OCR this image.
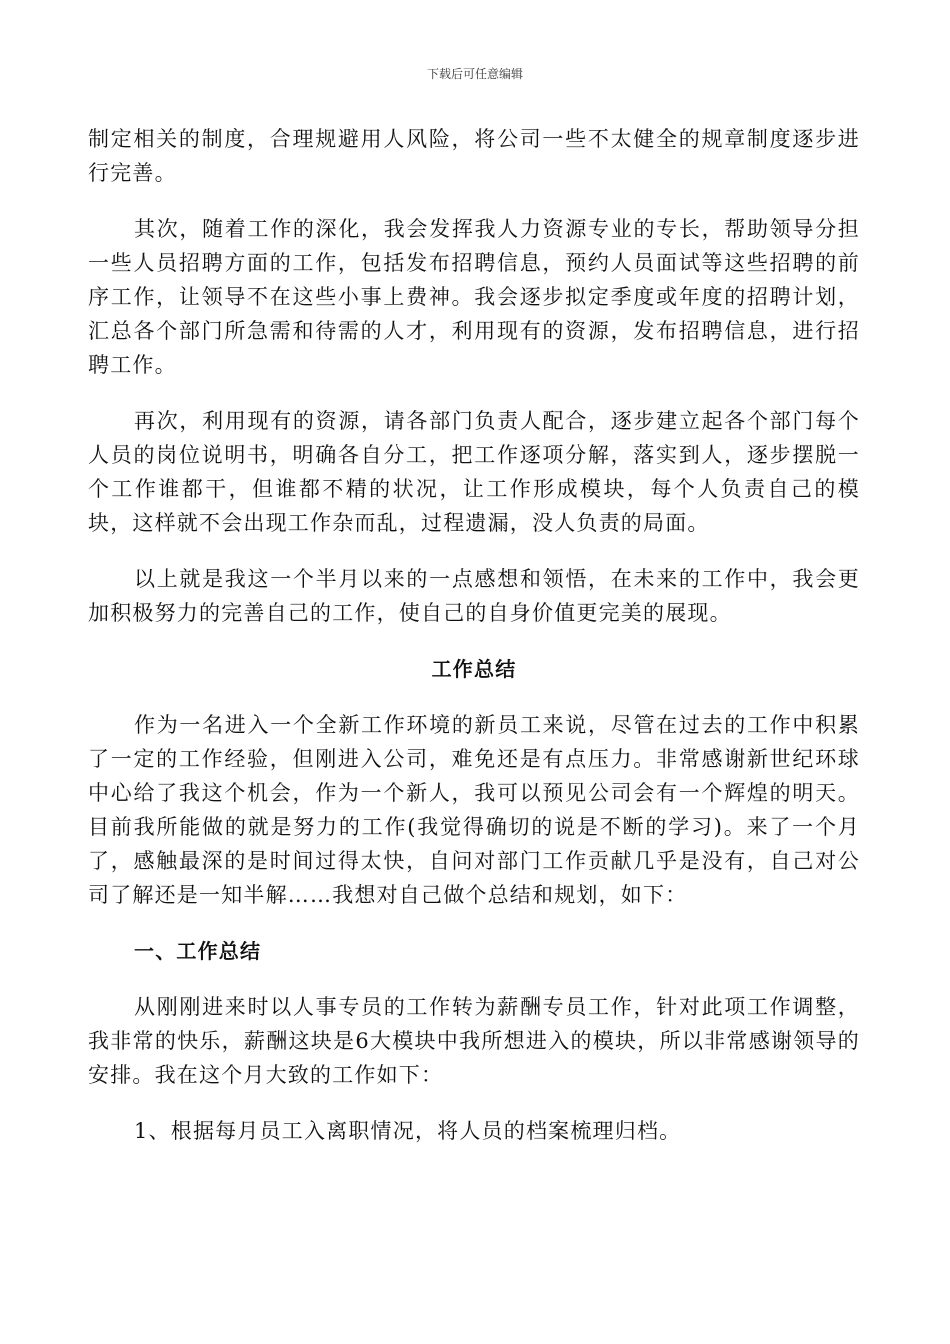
下载后可任意编辑

制定相关的制度，合理规避用人风险，将公司一些不太健全的规章制度逐步进行完善。

其次，随着工作的深化，我会发挥我人力资源专业的专长，帮助领导分担一些人员招聘方面的工作，包括发布招聘信息，预约人员面试等这些招聘的前序工作，让领导不在这些小事上费神。我会逐步拟定季度或年度的招聘计划，汇总各个部门所急需和待需的人才，利用现有的资源，发布招聘信息，进行招聘工作。

再次，利用现有的资源，请各部门负责人配合，逐步建立起各个部门每个人员的岗位说明书，明确各自分工，把工作逐项分解，落实到人，逐步摆脱一个工作谁都干，但谁都不精的状况，让工作形成模块，每个人负责自己的模块，这样就不会出现工作杂而乱，过程遗漏，没人负责的局面。

以上就是我这一个半月以来的一点感想和领悟，在未来的工作中，我会更加积极努力的完善自己的工作，使自己的自身价值更完美的展现。

工作总结

作为一名进入一个全新工作环境的新员工来说，尽管在过去的工作中积累了一定的工作经验，但刚进入公司，难免还是有点压力。非常感谢新世纪环球中心给了我这个机会，作为一个新人，我可以预见公司会有一个辉煌的明天。目前我所能做的就是努力的工作(我觉得确切的说是不断的学习)。来了一个月了，感触最深的是时间过得太快，自问对部门工作贡献几乎是没有，自己对公司了解还是一知半解……我想对自己做个总结和规划，如下：

一、工作总结

从刚刚进来时以人事专员的工作转为薪酬专员工作，针对此项工作调整，我非常的快乐，薪酬这块是6大模块中我所想进入的模块，所以非常感谢领导的安排。我在这个月大致的工作如下：

1、根据每月员工入离职情况，将人员的档案梳理归档。
